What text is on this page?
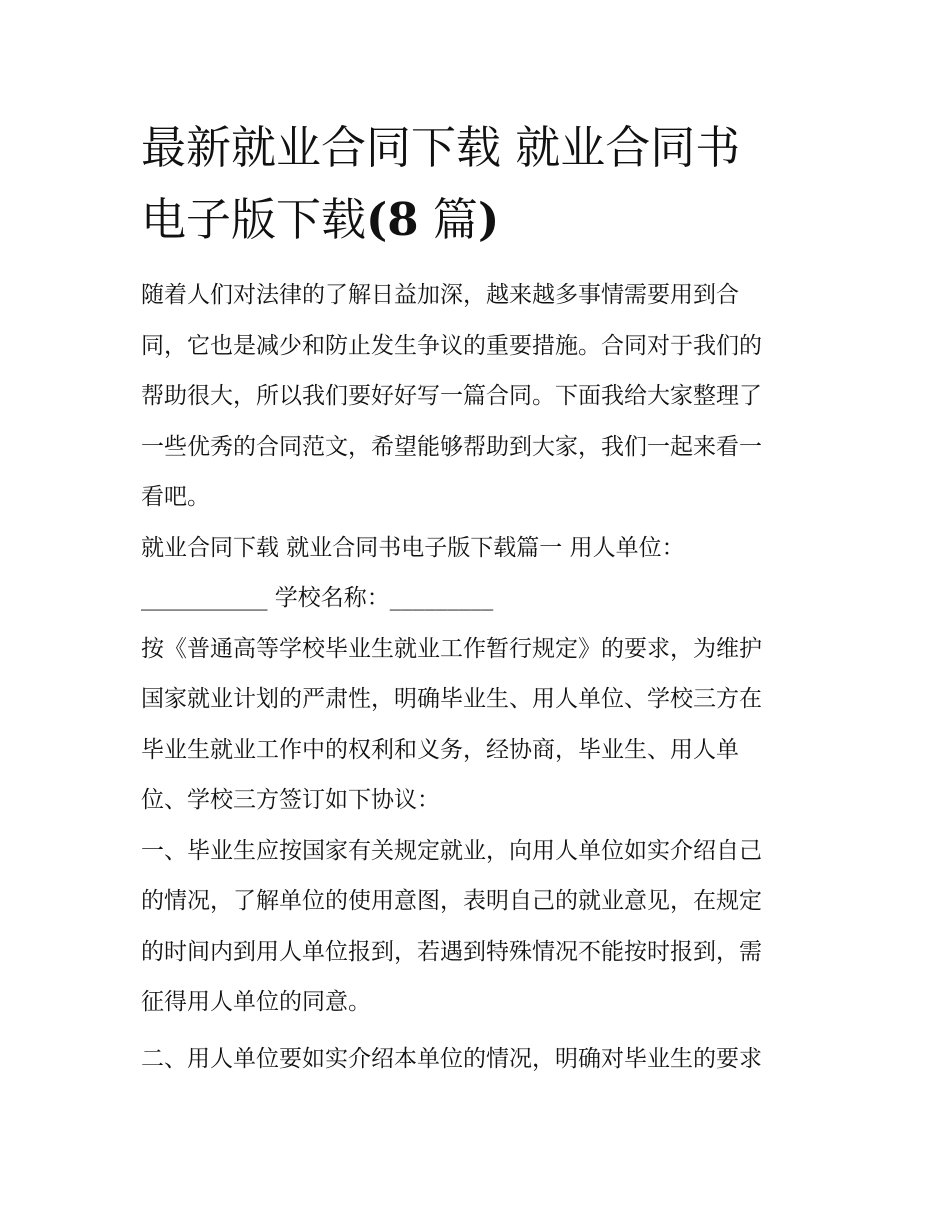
最新就业合同下载 就业合同书
电子版下载(8 篇)

随着人们对法律的了解日益加深，越来越多事情需要用到合
同，它也是减少和防止发生争议的重要措施。合同对于我们的
帮助很大，所以我们要好好写一篇合同。下面我给大家整理了
一些优秀的合同范文，希望能够帮助到大家，我们一起来看一
看吧。

就业合同下载 就业合同书电子版下载篇一 用人单位：
___________ 学校名称：_________

按《普通高等学校毕业生就业工作暂行规定》的要求，为维护
国家就业计划的严肃性，明确毕业生、用人单位、学校三方在
毕业生就业工作中的权利和义务，经协商，毕业生、用人单
位、学校三方签订如下协议：

一、毕业生应按国家有关规定就业，向用人单位如实介绍自己
的情况，了解单位的使用意图，表明自己的就业意见，在规定
的时间内到用人单位报到，若遇到特殊情况不能按时报到，需
征得用人单位的同意。

二、用人单位要如实介绍本单位的情况，明确对毕业生的要求
